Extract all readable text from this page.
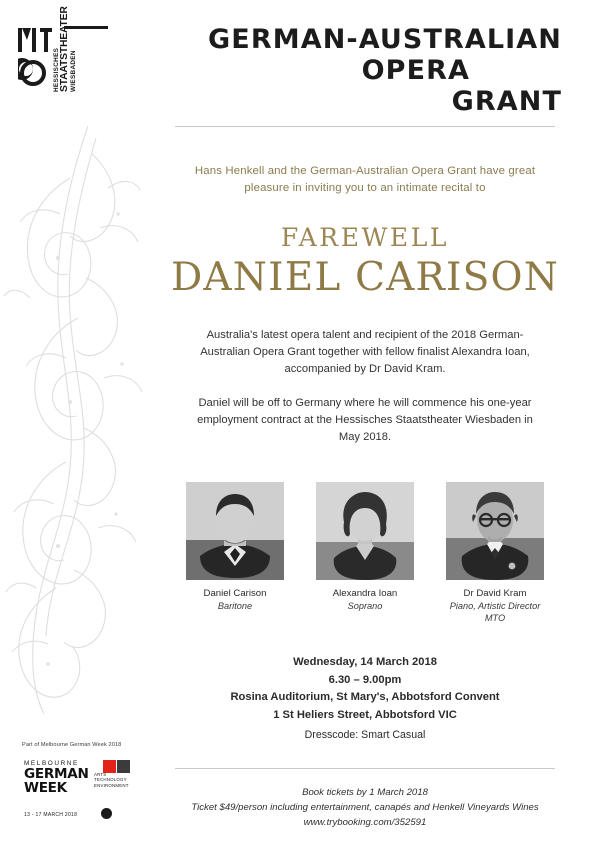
HESSISCHES STAATSTHEATER WIESBADEN
GERMAN-AUSTRALIAN
OPERA
GRANT
Hans Henkell and the German-Australian Opera Grant have great pleasure in inviting you to an intimate recital to
FAREWELL
DANIEL CARISON
Australia's latest opera talent and recipient of the 2018 German-Australian Opera Grant together with fellow finalist Alexandra Ioan, accompanied by Dr David Kram.
Daniel will be off to Germany where he will commence his one-year employment contract at the Hessisches Staatstheater Wiesbaden in May 2018.
Daniel Carison
Baritone
Alexandra Ioan
Soprano
Dr David Kram
Piano, Artistic Director MTO
Wednesday, 14 March 2018
6.30 – 9.00pm
Rosina Auditorium, St Mary's, Abbotsford Convent
1 St Heliers Street, Abbotsford VIC
Dresscode: Smart Casual
Book tickets by 1 March 2018
Ticket $49/person including entertainment, canapés and Henkell Vineyards Wines
www.trybooking.com/352591
Part of Melbourne German Week 2018
MELBOURNE
GERMAN
WEEK
ARTS TECHNOLOGY ENVIRONMENT
13 - 17 MARCH 2018
